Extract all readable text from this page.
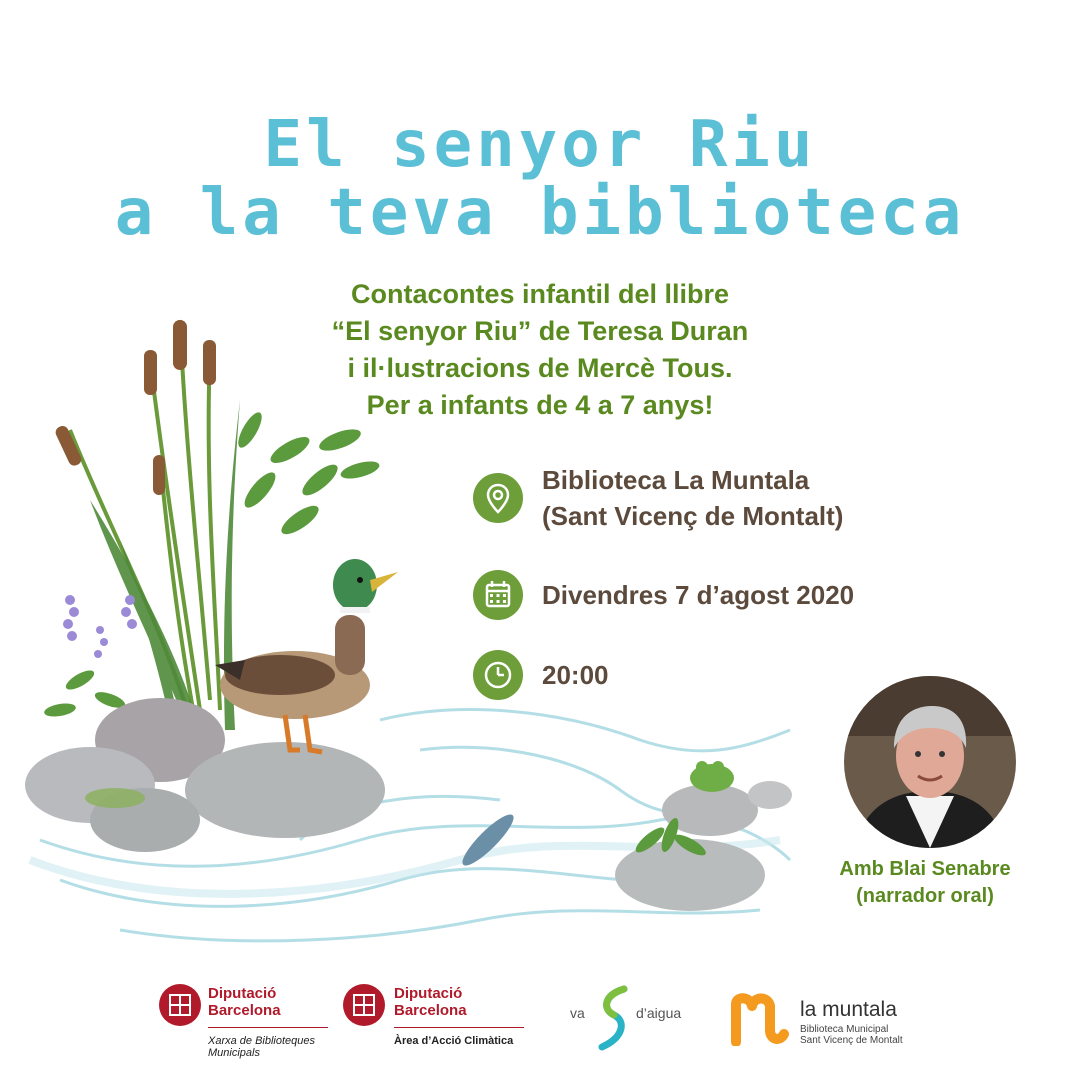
El senyor Riu
a la teva biblioteca
Contacontes infantil del llibre
“El senyor Riu” de Teresa Duran
i il·lustracions de Mercè Tous.
Per a infants de 4 a 7 anys!
Biblioteca La Muntala
(Sant Vicenç de Montalt)
Divendres 7 d’agost 2020
20:00
Amb Blai Senabre
(narrador oral)
Diputació
Barcelona
Xarxa de Biblioteques
Municipals
Diputació
Barcelona
Àrea d’Acció Climàtica
va	d’aigua	la muntala
Biblioteca Municipal
Sant Vicenç de Montalt
